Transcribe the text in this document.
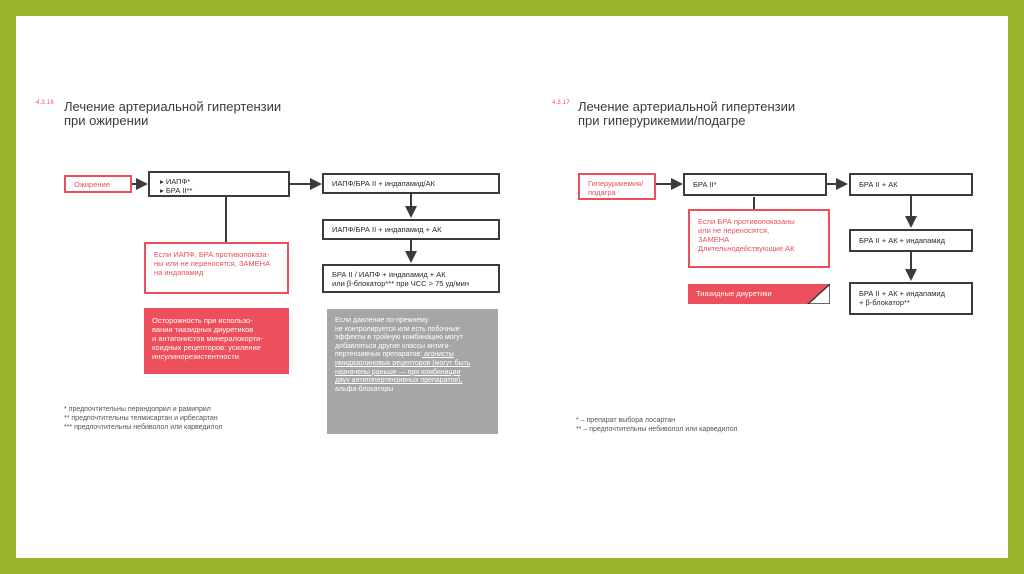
4.3.16 Лечение артериальной гипертензии
при ожирении
Ожирение	▸ ИАПФ*
▸ БРА II**
ИАПФ/БРА II + индапамид/АК
ИАПФ/БРА II + индапамид + АК
БРА II / ИАПФ + индапамид + АК
или β-блокатор*** при ЧСС > 75 уд/мин
Если ИАПФ, БРА противопоказа-
ны или не переносятся, ЗАМЕНА
на индапамид
Осторожность при использо-
вании тиазидных диуретиков
и антагонистов минералокорти-
коидных рецепторов: усиление
инсулинорезистентности
Если давление по-прежнему
не контролируется или есть побочные
эффекты в тройную комбинацию могут
добавляться другие классы антиги-
пертензивных препаратов: агонисты
имидазолиновых рецепторов (могут быть
назначены раньше — при комбинации
двух антигипертензивных препаратов),
альфа-блокаторы
* предпочтительны периндоприл и рамиприл
** предпочтительны телмисартан и ирбесартан
*** предпочтительны небиволол или карведилол
4.3.17 Лечение артериальной гипертензии
при гиперурикемии/подагре
Гиперурикемия/
подагра
БРА II*	БРА II + АК
БРА II + АК + индапамид
БРА II + АК + индапамид
+ β-блокатор**
Если БРА противопоказаны
или не переносятся,
ЗАМЕНА
Длительнодействующие АК
Тиазидные диуретики
* – препарат выбора лосартан
** – предпочтительны небиволол или карведилол
